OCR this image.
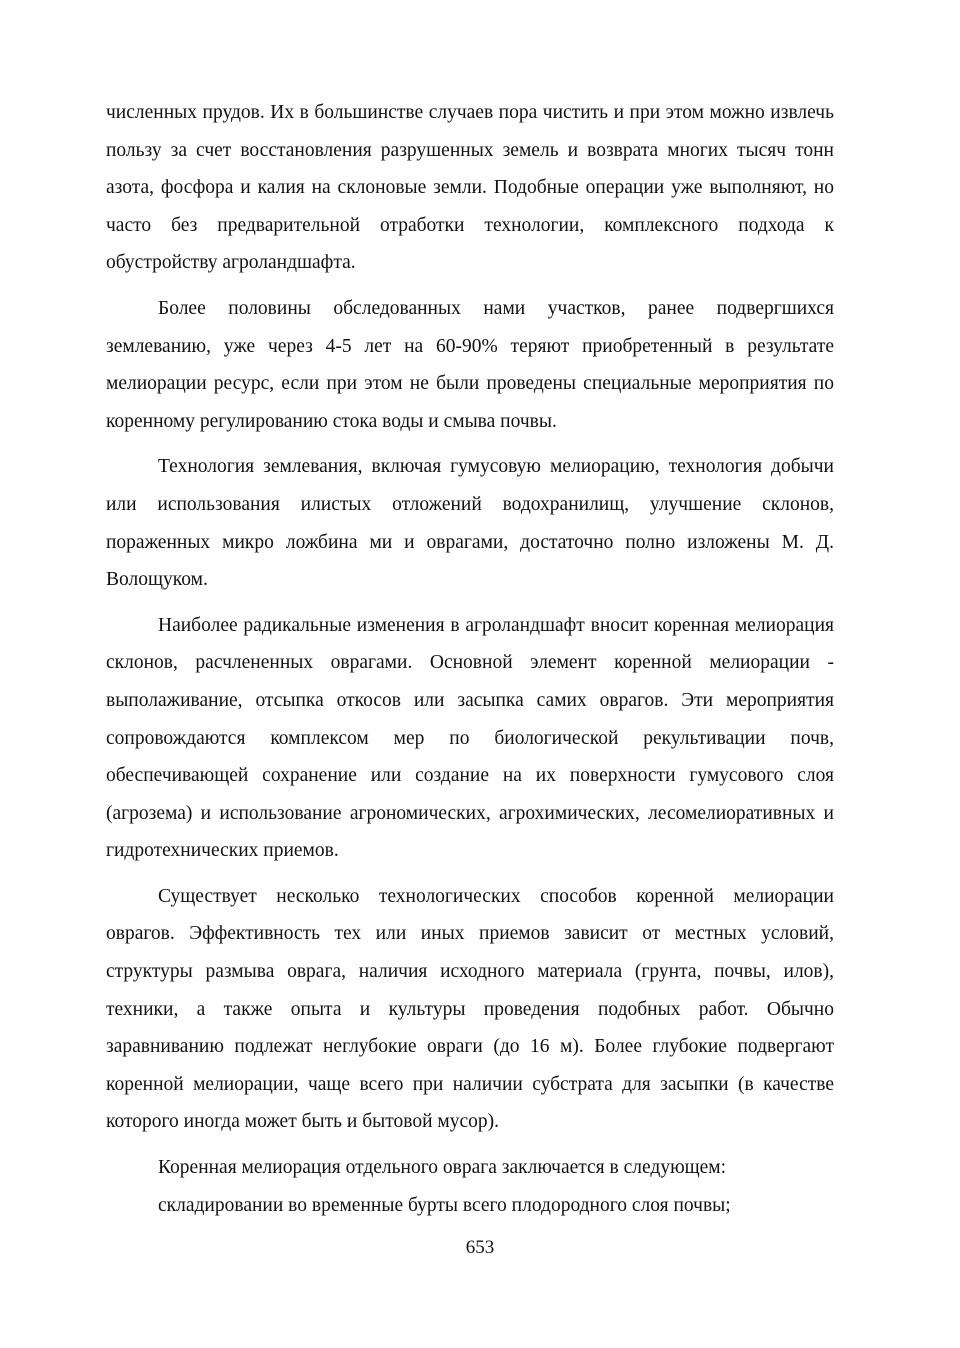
численных прудов. Их в большинстве случаев пора чистить и при этом можно извлечь пользу за счет восстановления разрушенных земель и возврата многих тысяч тонн азота, фосфора и калия на склоновые земли. Подобные операции уже выполняют, но часто без предварительной отработки технологии, комплексного подхода к обустройству агроландшафта.

Более половины обследованных нами участков, ранее подвергшихся землеванию, уже через 4-5 лет на 60-90% теряют приобретенный в результате мелиорации ресурс, если при этом не были проведены специальные мероприятия по коренному регулированию стока воды и смыва почвы.

Технология землевания, включая гумусовую мелиорацию, технология добычи или использования илистых отложений водохранилищ, улучшение склонов, пораженных микро ложбина ми и оврагами, достаточно полно изложены М. Д. Волощуком.

Наиболее радикальные изменения в агроландшафт вносит коренная мелиорация склонов, расчлененных оврагами. Основной элемент коренной мелиорации - выполаживание, отсыпка откосов или засыпка самих оврагов. Эти мероприятия сопровождаются комплексом мер по биологической рекультивации почв, обеспечивающей сохранение или создание на их поверхности гумусового слоя (агрозема) и использование агрономических, агрохимических, лесомелиоративных и гидротехнических приемов.

Существует несколько технологических способов коренной мелиорации оврагов. Эффективность тех или иных приемов зависит от местных условий, структуры размыва оврага, наличия исходного материала (грунта, почвы, илов), техники, а также опыта и культуры проведения подобных работ. Обычно заравниванию подлежат неглубокие овраги (до 16 м). Более глубокие подвергают коренной мелиорации, чаще всего при наличии субстрата для засыпки (в качестве которого иногда может быть и бытовой мусор).

Коренная мелиорация отдельного оврага заключается в следующем:

складировании во временные бурты всего плодородного слоя почвы;

653
